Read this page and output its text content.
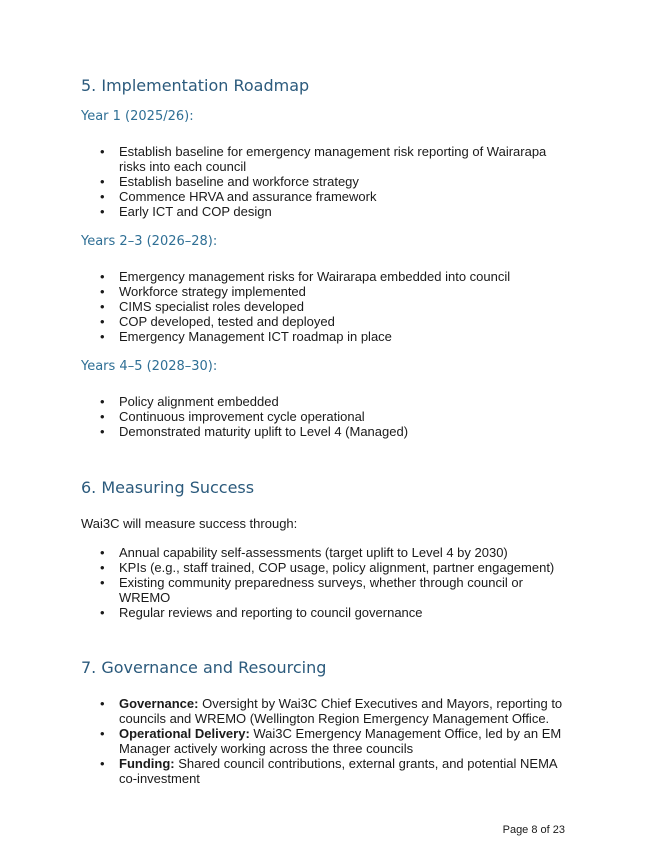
5. Implementation Roadmap
Year 1 (2025/26):
• Establish baseline for emergency management risk reporting of Wairarapa risks into each council
• Establish baseline and workforce strategy
• Commence HRVA and assurance framework
• Early ICT and COP design
Years 2–3 (2026–28):
• Emergency management risks for Wairarapa embedded into council
• Workforce strategy implemented
• CIMS specialist roles developed
• COP developed, tested and deployed
• Emergency Management ICT roadmap in place
Years 4–5 (2028–30):
• Policy alignment embedded
• Continuous improvement cycle operational
• Demonstrated maturity uplift to Level 4 (Managed)
6. Measuring Success

Wai3C will measure success through:

• Annual capability self-assessments (target uplift to Level 4 by 2030)
• KPIs (e.g., staff trained, COP usage, policy alignment, partner engagement)
• Existing community preparedness surveys, whether through council or WREMO
• Regular reviews and reporting to council governance
7. Governance and Resourcing
• Governance: Oversight by Wai3C Chief Executives and Mayors, reporting to councils and WREMO (Wellington Region Emergency Management Office.
• Operational Delivery: Wai3C Emergency Management Office, led by an EM Manager actively working across the three councils
• Funding: Shared council contributions, external grants, and potential NEMA co-investment
Page 8 of 23
